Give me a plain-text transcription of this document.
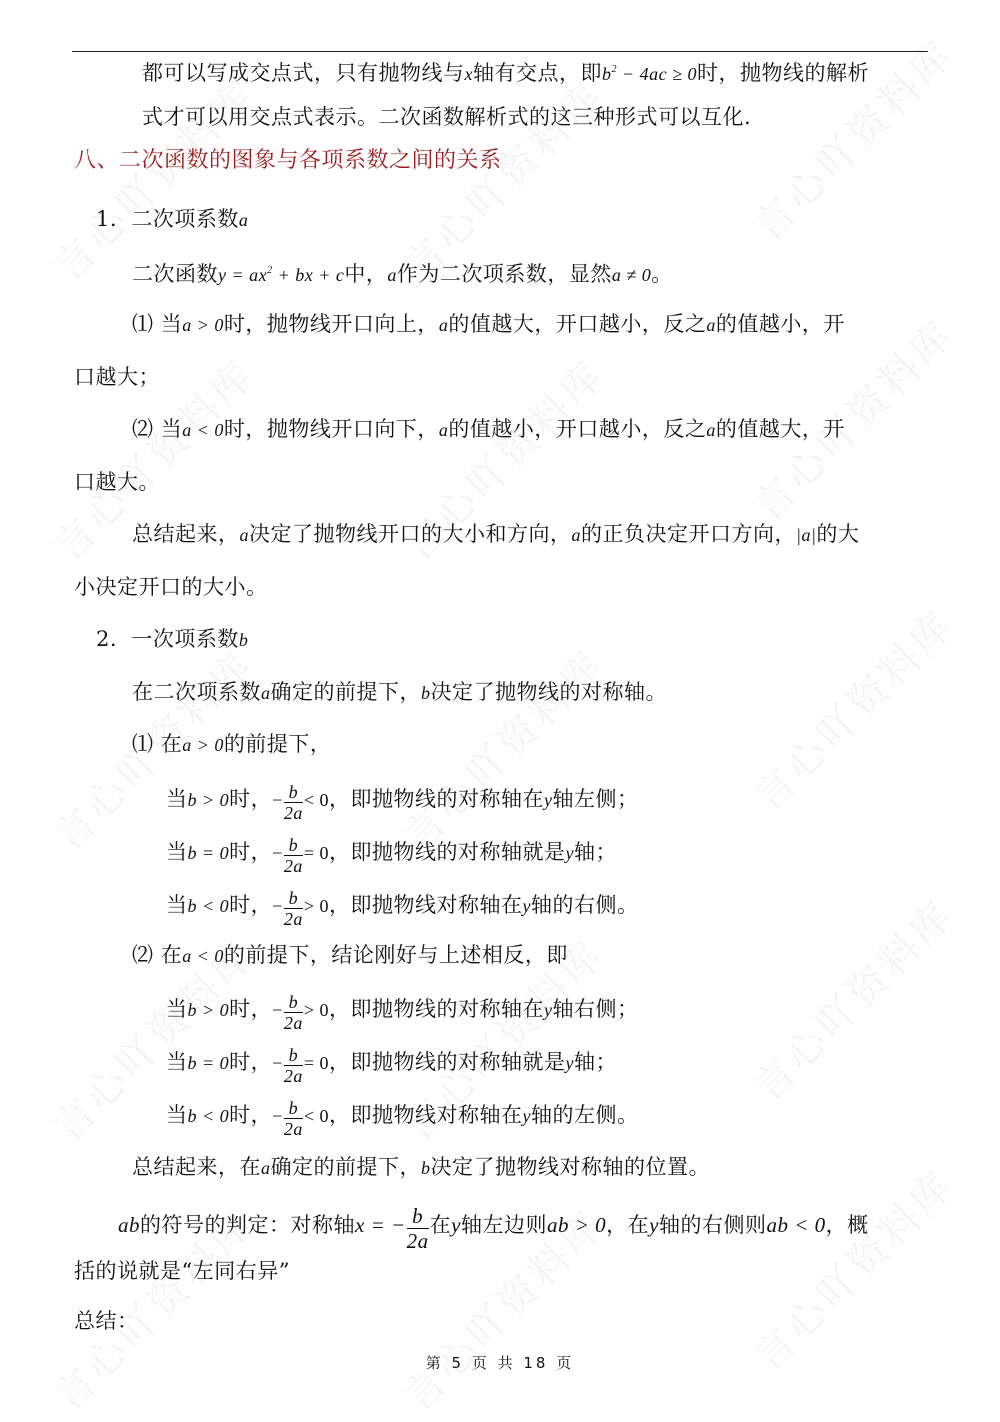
都可以写成交点式，只有抛物线与x轴有交点，即$b^2 - 4ac \ge 0$时，抛物线的解析
式才可以用交点式表示。二次函数解析式的这三种形式可以互化.
八、二次函数的图象与各项系数之间的关系
1. 二次项系数a
二次函数$y = ax^2$ + bx + c中，a作为二次项系数，显然a ≠ 0。
⑴ 当a > 0时，抛物线开口向上，a的值越大，开口越小，反之a的值越小，开
口越大；
⑵ 当a < 0时，抛物线开口向下，a的值越小，开口越小，反之a的值越大，开
口越大。
总结起来，a决定了抛物线开口的大小和方向，a的正负决定开口方向，|a|的大
小决定开口的大小。
2. 一次项系数b
在二次项系数a确定的前提下，b决定了抛物线的对称轴。
⑴ 在a > 0的前提下，
当b > 0时，− $\frac{b}{2a} < 0$，即抛物线的对称轴在y轴左侧；
当b = 0时，− $\frac{b}{2a} = 0$，即抛物线的对称轴就是y轴；
当b < 0时，− $\frac{b}{2a} > 0$，即抛物线对称轴在y轴的右侧。
⑵ 在a < 0的前提下，结论刚好与上述相反，即
当b > 0时，− $\frac{b}{2a} > 0$，即抛物线的对称轴在y轴右侧；
当b = 0时，− $\frac{b}{2a} = 0$，即抛物线的对称轴就是y轴；
当b < 0时，− $\frac{b}{2a} < 0$，即抛物线对称轴在y轴的左侧。
总结起来，在a确定的前提下，b决定了抛物线对称轴的位置。
ab的符号的判定：对称轴x = − $\frac{b}{2a}$ 在y轴左边则ab > 0，在y轴的右侧则ab < 0，概
括的说就是“左同右异”
总结：
第 5 页 共 18 页
